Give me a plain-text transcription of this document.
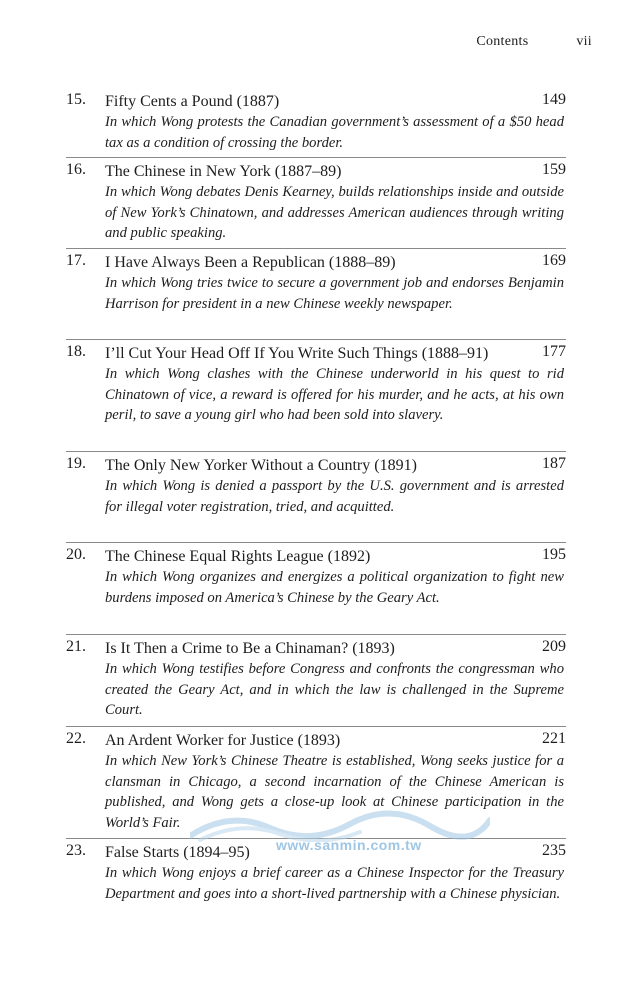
Contents	vii
15.	Fifty Cents a Pound (1887)	149
In which Wong protests the Canadian government’s assessment of a $50 head tax as a condition of crossing the border.
16.	The Chinese in New York (1887–89)	159
In which Wong debates Denis Kearney, builds relationships inside and outside of New York’s Chinatown, and addresses American audiences through writing and public speaking.
17.	I Have Always Been a Republican (1888–89)	169
In which Wong tries twice to secure a government job and endorses Benjamin Harrison for president in a new Chinese weekly newspaper.
18.	I’ll Cut Your Head Off If You Write Such Things (1888–91)	177
In which Wong clashes with the Chinese underworld in his quest to rid Chinatown of vice, a reward is offered for his murder, and he acts, at his own peril, to save a young girl who had been sold into slavery.
19.	The Only New Yorker Without a Country (1891)	187
In which Wong is denied a passport by the U.S. government and is arrested for illegal voter registration, tried, and acquitted.
20.	The Chinese Equal Rights League (1892)	195
In which Wong organizes and energizes a political organization to fight new burdens imposed on America’s Chinese by the Geary Act.
21.	Is It Then a Crime to Be a Chinaman? (1893)	209
In which Wong testifies before Congress and confronts the congressman who created the Geary Act, and in which the law is challenged in the Supreme Court.
22.	An Ardent Worker for Justice (1893)	221
In which New York’s Chinese Theatre is established, Wong seeks justice for a clansman in Chicago, a second incarnation of the Chinese American is published, and Wong gets a close-up look at Chinese participation in the World’s Fair.
23.	False Starts (1894–95)	235
In which Wong enjoys a brief career as a Chinese Inspector for the Treasury Department and goes into a short-lived partnership with a Chinese physician.
www.sanmin.com.tw
